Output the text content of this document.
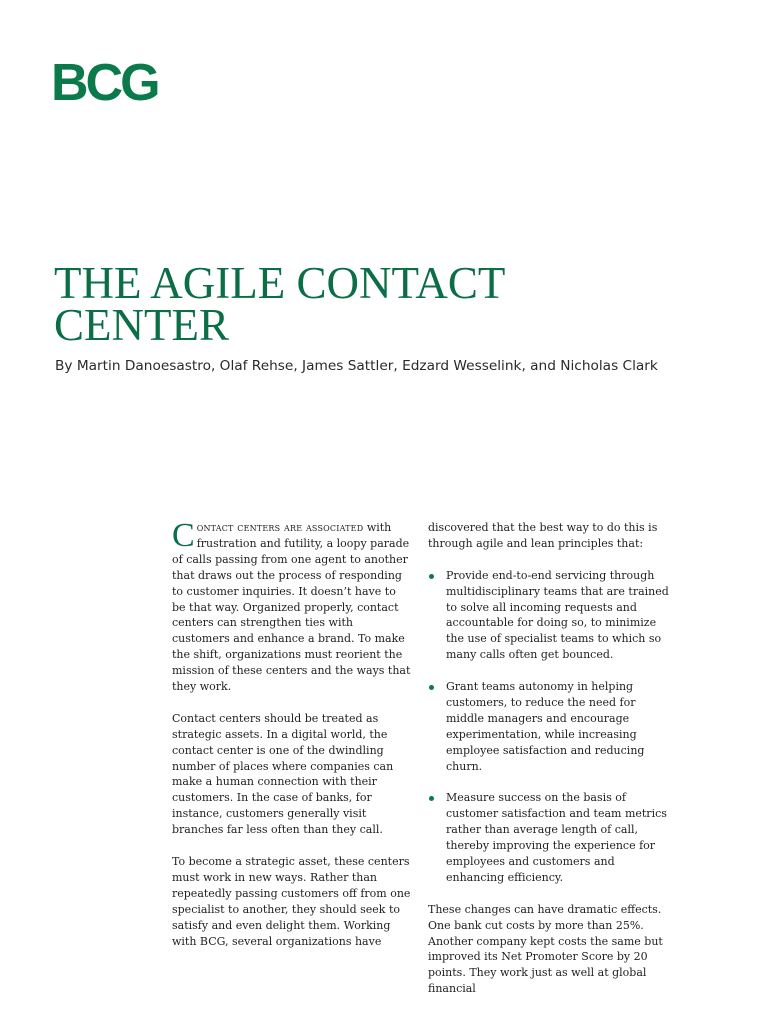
BCG
THE AGILE CONTACT
CENTER

By Martin Danoesastro, Olaf Rehse, James Sattler, Edzard Wesselink, and Nicholas Clark

Contact centers are associated with frustration and futility, a loopy parade of calls passing from one agent to another that draws out the process of responding to customer inquiries. It doesn’t have to be that way. Organized properly, contact centers can strengthen ties with customers and enhance a brand. To make the shift, organizations must reorient the mission of these centers and the ways that they work.

Contact centers should be treated as strategic assets. In a digital world, the contact center is one of the dwindling number of places where companies can make a human connection with their customers. In the case of banks, for instance, customers generally visit branches far less often than they call.

To become a strategic asset, these centers must work in new ways. Rather than repeatedly passing customers off from one specialist to another, they should seek to satisfy and even delight them. Working with BCG, several organizations have

discovered that the best way to do this is through agile and lean principles that:

Provide end-to-end servicing through multidisciplinary teams that are trained to solve all incoming requests and accountable for doing so, to minimize the use of specialist teams to which so many calls often get bounced.
Grant teams autonomy in helping customers, to reduce the need for middle managers and encourage experimentation, while increasing employee satisfaction and reducing churn.
Measure success on the basis of customer satisfaction and team metrics rather than average length of call, thereby improving the experience for employees and customers and enhancing efficiency.

These changes can have dramatic effects. One bank cut costs by more than 25%. Another company kept costs the same but improved its Net Promoter Score by 20 points. They work just as well at global financial
